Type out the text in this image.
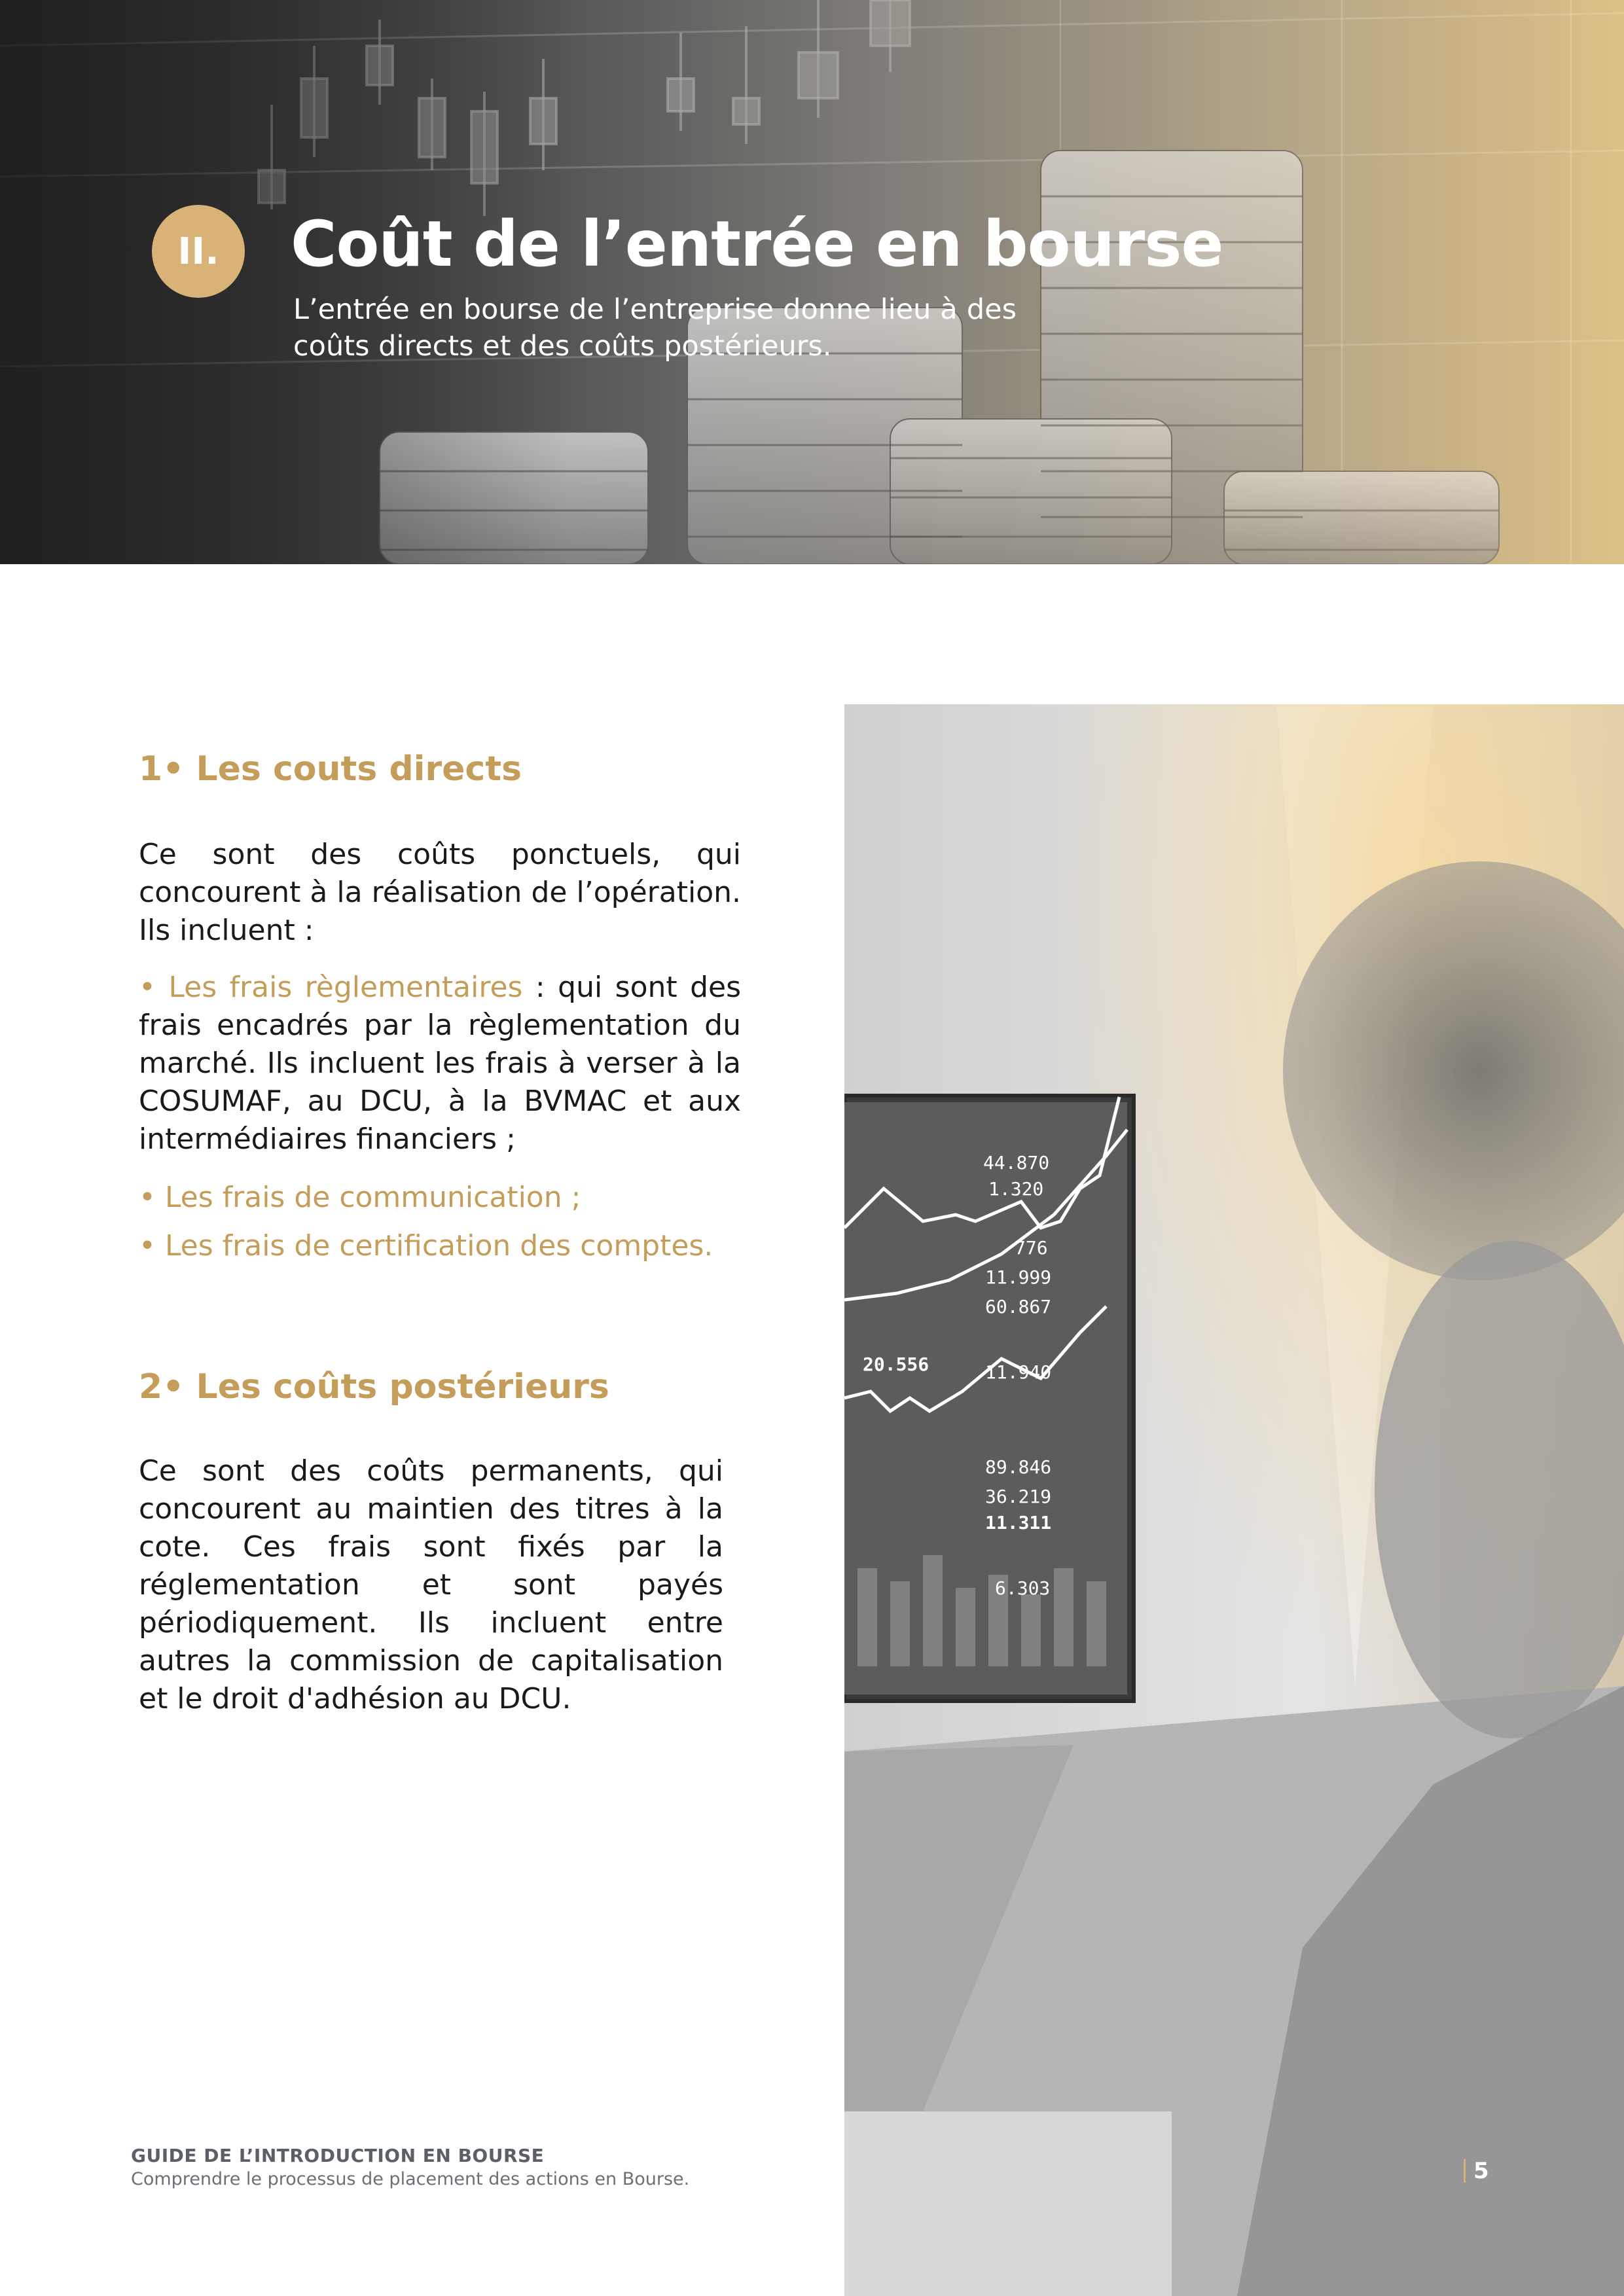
II.	Coût de l’entrée en bourse
L’entrée en bourse de l’entreprise donne lieu à des coûts directs et des coûts postérieurs.
44.870
1.320
776
11.999
60.867
20.556	11.940
89.846
36.219
11.311
6.303
1• Les couts directs
Ce sont des coûts ponctuels, qui concourent à la réalisation de l’opération. Ils incluent :
• Les frais règlementaires : qui sont des frais encadrés par la règlementation du marché. Ils incluent les frais à verser à la COSUMAF, au DCU, à la BVMAC et aux intermédiaires financiers ;
• Les frais de communication ;
• Les frais de certification des comptes.
2• Les coûts postérieurs
Ce sont des coûts permanents, qui concourent au maintien des titres à la cote. Ces frais sont fixés par la réglementation et sont payés périodiquement. Ils incluent entre autres la commission de capitalisation et le droit d'adhésion au DCU.
GUIDE DE L’INTRODUCTION EN BOURSE
Comprendre le processus de placement des actions en Bourse.	5
